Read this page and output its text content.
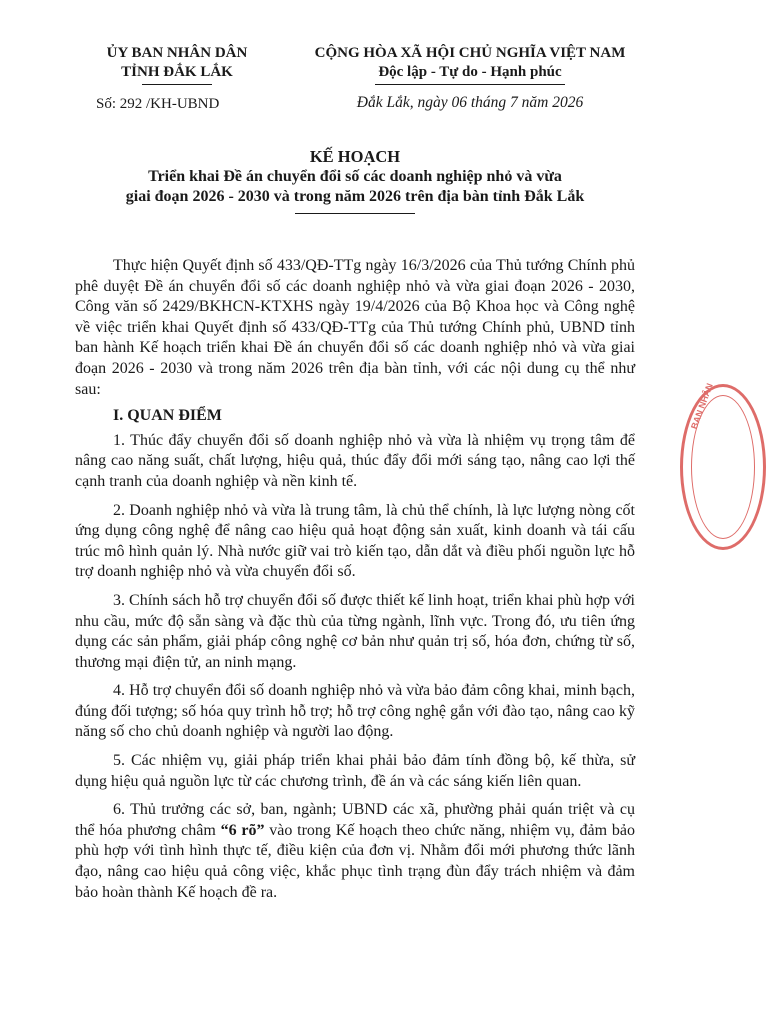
ỦY BAN NHÂN DÂN
TỈNH ĐẮK LẮK
Số: 292 /KH-UBND
CỘNG HÒA XÃ HỘI CHỦ NGHĨA VIỆT NAM
Độc lập - Tự do - Hạnh phúc
Đắk Lắk, ngày 06 tháng 7 năm 2026
KẾ HOẠCH
Triển khai Đề án chuyển đổi số các doanh nghiệp nhỏ và vừa
giai đoạn 2026 - 2030 và trong năm 2026 trên địa bàn tỉnh Đắk Lắk

Thực hiện Quyết định số 433/QĐ-TTg ngày 16/3/2026 của Thủ tướng Chính phủ phê duyệt Đề án chuyển đổi số các doanh nghiệp nhỏ và vừa giai đoạn 2026 - 2030, Công văn số 2429/BKHCN-KTXHS ngày 19/4/2026 của Bộ Khoa học và Công nghệ về việc triển khai Quyết định số 433/QĐ-TTg của Thủ tướng Chính phủ, UBND tỉnh ban hành Kế hoạch triển khai Đề án chuyển đổi số các doanh nghiệp nhỏ và vừa giai đoạn 2026 - 2030 và trong năm 2026 trên địa bàn tỉnh, với các nội dung cụ thể như sau:

I. QUAN ĐIỂM

1. Thúc đẩy chuyển đổi số doanh nghiệp nhỏ và vừa là nhiệm vụ trọng tâm để nâng cao năng suất, chất lượng, hiệu quả, thúc đẩy đổi mới sáng tạo, nâng cao lợi thế cạnh tranh của doanh nghiệp và nền kinh tế.

2. Doanh nghiệp nhỏ và vừa là trung tâm, là chủ thể chính, là lực lượng nòng cốt ứng dụng công nghệ để nâng cao hiệu quả hoạt động sản xuất, kinh doanh và tái cấu trúc mô hình quản lý. Nhà nước giữ vai trò kiến tạo, dẫn dắt và điều phối nguồn lực hỗ trợ doanh nghiệp nhỏ và vừa chuyển đổi số.

3. Chính sách hỗ trợ chuyển đổi số được thiết kế linh hoạt, triển khai phù hợp với nhu cầu, mức độ sẵn sàng và đặc thù của từng ngành, lĩnh vực. Trong đó, ưu tiên ứng dụng các sản phẩm, giải pháp công nghệ cơ bản như quản trị số, hóa đơn, chứng từ số, thương mại điện tử, an ninh mạng.

4. Hỗ trợ chuyển đổi số doanh nghiệp nhỏ và vừa bảo đảm công khai, minh bạch, đúng đối tượng; số hóa quy trình hỗ trợ; hỗ trợ công nghệ gắn với đào tạo, nâng cao kỹ năng số cho chủ doanh nghiệp và người lao động.

5. Các nhiệm vụ, giải pháp triển khai phải bảo đảm tính đồng bộ, kế thừa, sử dụng hiệu quả nguồn lực từ các chương trình, đề án và các sáng kiến liên quan.

6. Thủ trưởng các sở, ban, ngành; UBND các xã, phường phải quán triệt và cụ thể hóa phương châm “6 rõ” vào trong Kế hoạch theo chức năng, nhiệm vụ, đảm bảo phù hợp với tình hình thực tế, điều kiện của đơn vị. Nhằm đổi mới phương thức lãnh đạo, nâng cao hiệu quả công việc, khắc phục tình trạng đùn đẩy trách nhiệm và đảm bảo hoàn thành Kế hoạch đề ra.

BAN NHÂN
